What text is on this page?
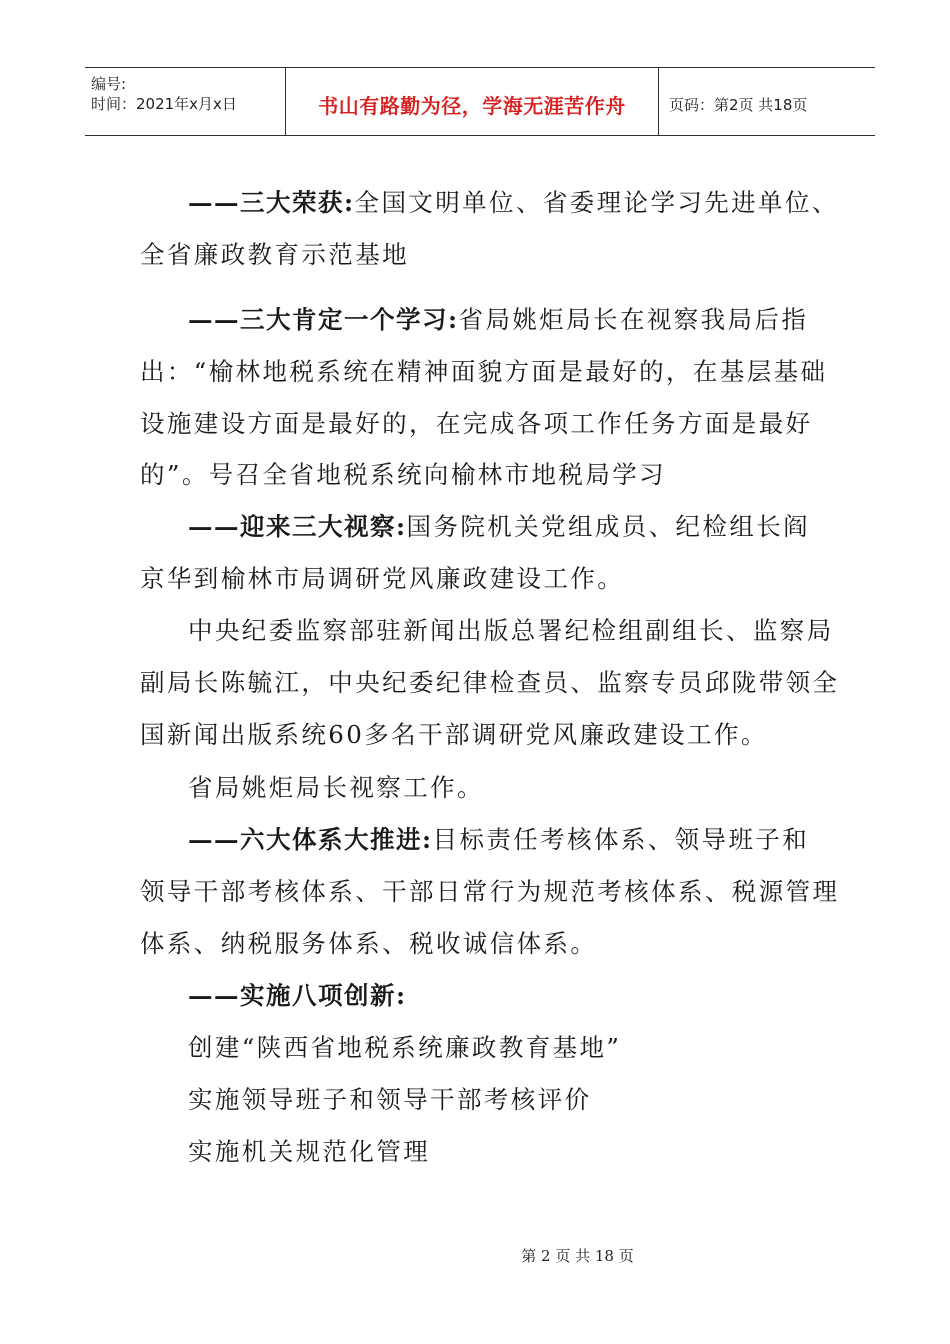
编号:
时间：2021年x月x日	书山有路勤为径，学海无涯苦作舟	页码：第2页 共18页
——三大荣获:全国文明单位、省委理论学习先进单位、
全省廉政教育示范基地
——三大肯定一个学习:省局姚炬局长在视察我局后指
出：“榆林地税系统在精神面貌方面是最好的，在基层基础
设施建设方面是最好的，在完成各项工作任务方面是最好
的”。号召全省地税系统向榆林市地税局学习
——迎来三大视察:国务院机关党组成员、纪检组长阎
京华到榆林市局调研党风廉政建设工作。
中央纪委监察部驻新闻出版总署纪检组副组长、监察局
副局长陈毓江，中央纪委纪律检查员、监察专员邱陇带领全
国新闻出版系统60多名干部调研党风廉政建设工作。
省局姚炬局长视察工作。
——六大体系大推进:目标责任考核体系、领导班子和
领导干部考核体系、干部日常行为规范考核体系、税源管理
体系、纳税服务体系、税收诚信体系。
——实施八项创新:
创建“陕西省地税系统廉政教育基地”
实施领导班子和领导干部考核评价
实施机关规范化管理
第 2 页 共 18 页
